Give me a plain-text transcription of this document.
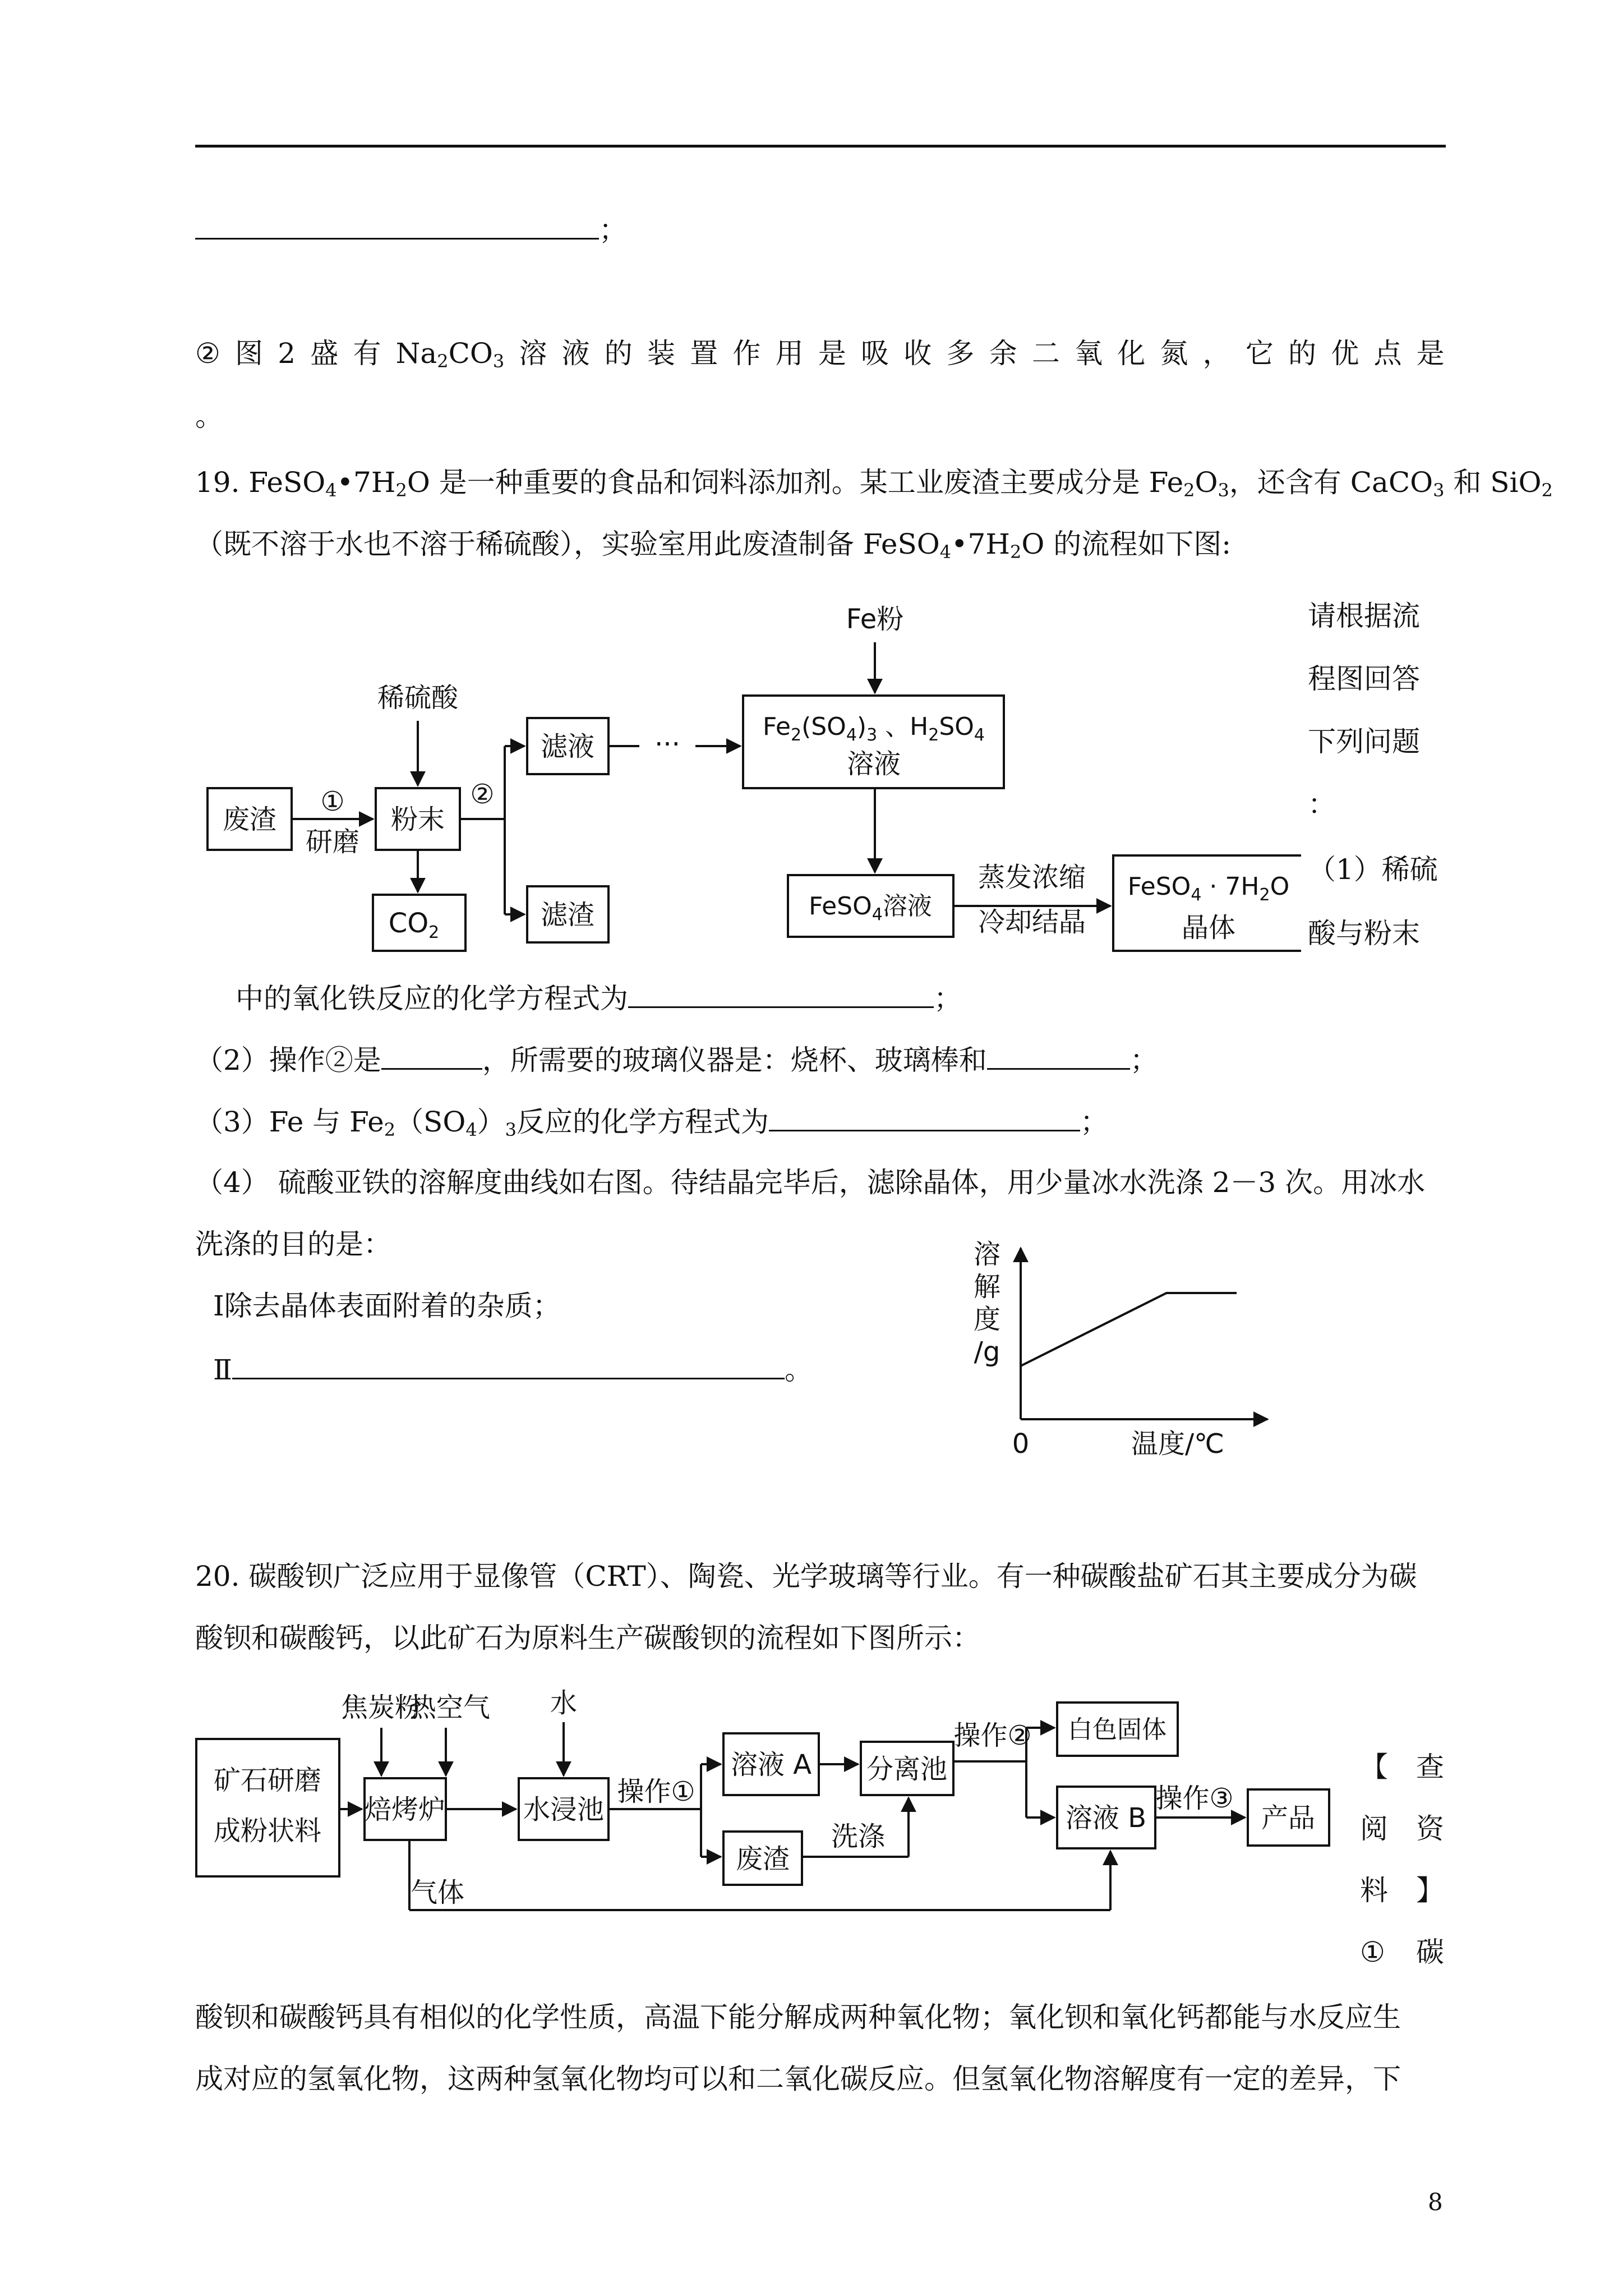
；
② 图 2 盛 有 $Na_2CO_3$ 溶 液 的 装 置 作 用 是 吸 收 多 余 二 氧 化 氮 ， 它 的 优 点 是
。
19. $FeSO_4•7H_2O$ 是一种重要的食品和饲料添加剂。某工业废渣主要成分是 $Fe_2O_3$，还含有 CaCO$_3$ 和 SiO$_2$
（既不溶于水也不溶于稀硫酸），实验室用此废渣制备 $FeSO_4•7H_2O$ 的流程如下图:
请根据流
程图回答
下列问题
：
（1）稀硫
酸与粉末
Fe粉
稀硫酸
废渣
①
研磨
粉末
②
滤液 ···
滤渣
$CO_2$
$Fe_2(SO_4)_3$ 、$H_2SO_4$
溶液
FeSO$_4$溶液
蒸发浓缩
冷却结晶
FeSO$_4$ · $7H_2O$
晶体
中的氧化铁反应的化学方程式为	；
（2）操作②是	，所需要的玻璃仪器是：烧杯、玻璃棒和	；
（3）Fe 与 $Fe_2(SO_4)_3$反应的化学方程式为	；
（4） 硫酸亚铁的溶解度曲线如右图。待结晶完毕后，滤除晶体，用少量冰水洗涤 2－3 次。用冰水
洗涤的目的是：
Ⅰ除去晶体表面附着的杂质；
Ⅱ	。
溶
解
度
/g
0	温度/℃
20. 碳酸钡广泛应用于显像管（CRT）、陶瓷、光学玻璃等行业。有一种碳酸盐矿石其主要成分为碳
酸钡和碳酸钙，以此矿石为原料生产碳酸钡的流程如下图所示：
矿石研磨
成粉状料
焦炭粉
热空气
焙烤炉
水
水浸池
操作①
溶液 A 分离池
废渣
洗涤
操作② 白色固体
溶液 B
操作③
气体
产品
【 查
阅 资
料 】
① 碳
酸钡和碳酸钙具有相似的化学性质，高温下能分解成两种氧化物；氧化钡和氧化钙都能与水反应生
成对应的氢氧化物，这两种氢氧化物均可以和二氧化碳反应。但氢氧化物溶解度有一定的差异，下
8
